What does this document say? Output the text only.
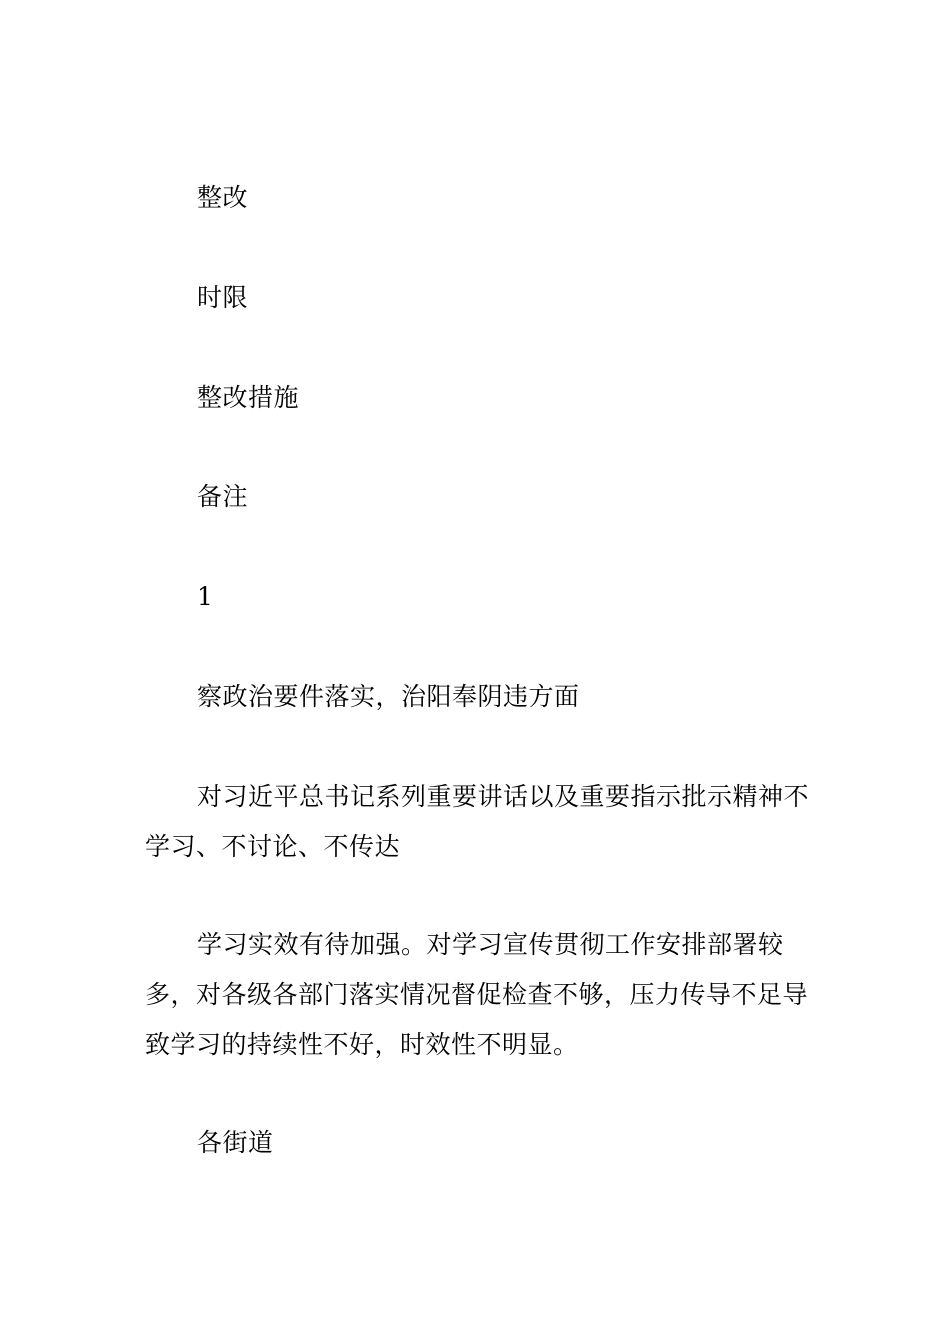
整改

时限

整改措施

备注

1

察政治要件落实，治阳奉阴违方面

对习近平总书记系列重要讲话以及重要指示批示精神不学习、不讨论、不传达

学习实效有待加强。对学习宣传贯彻工作安排部署较多，对各级各部门落实情况督促检查不够，压力传导不足导致学习的持续性不好，时效性不明显。

各街道
